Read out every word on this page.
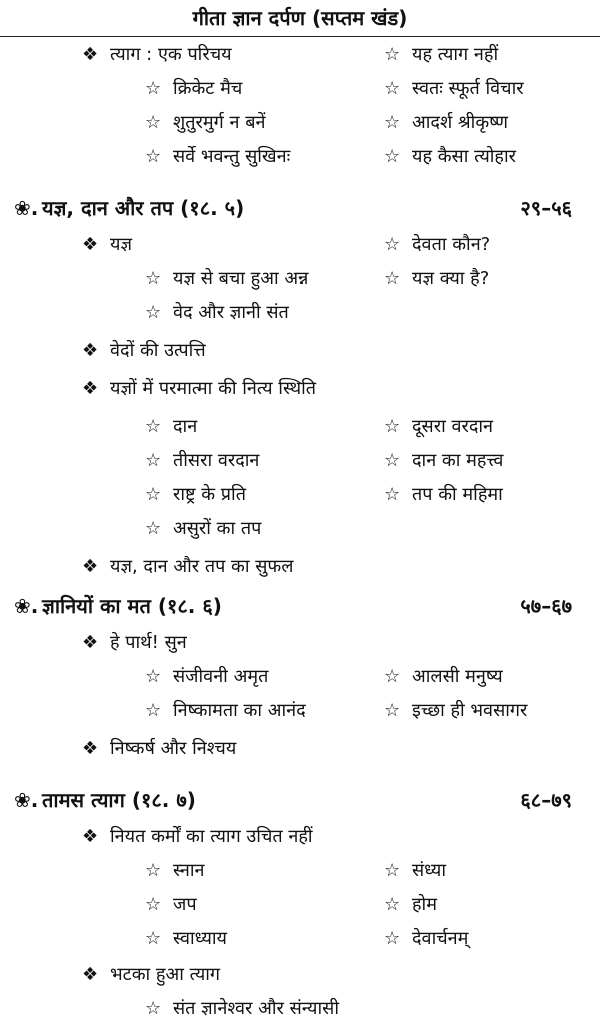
गीता ज्ञान दर्पण (सप्तम खंड)
❖ त्याग : एक परिचय	☆ यह त्याग नहीं
☆ क्रिकेट मैच	☆ स्वतः स्फूर्त विचार
☆ शुतुरमुर्ग न बनें	☆ आदर्श श्रीकृष्ण
☆ सर्वे भवन्तु सुखिनः	☆ यह कैसा त्योहार
❀. यज्ञ, दान और तप (१८. ५)	२९–५६
❖ यज्ञ	☆ देवता कौन?
☆ यज्ञ से बचा हुआ अन्न	☆ यज्ञ क्या है?
☆ वेद और ज्ञानी संत
❖ वेदों की उत्पत्ति
❖ यज्ञों में परमात्मा की नित्य स्थिति
☆ दान	☆ दूसरा वरदान
☆ तीसरा वरदान	☆ दान का महत्त्व
☆ राष्ट्र के प्रति	☆ तप की महिमा
☆ असुरों का तप
❖ यज्ञ, दान और तप का सुफल
❀. ज्ञानियों का मत (१८. ६)	५७–६७
❖ हे पार्थ! सुन
☆ संजीवनी अमृत	☆ आलसी मनुष्य
☆ निष्कामता का आनंद	☆ इच्छा ही भवसागर
❖ निष्कर्ष और निश्चय
❀. तामस त्याग (१८. ७)	६८–७९
❖ नियत कर्मों का त्याग उचित नहीं
☆ स्नान	☆ संध्या
☆ जप	☆ होम
☆ स्वाध्याय	☆ देवार्चनम्
❖ भटका हुआ त्याग
☆ संत ज्ञानेश्वर और संन्यासी
